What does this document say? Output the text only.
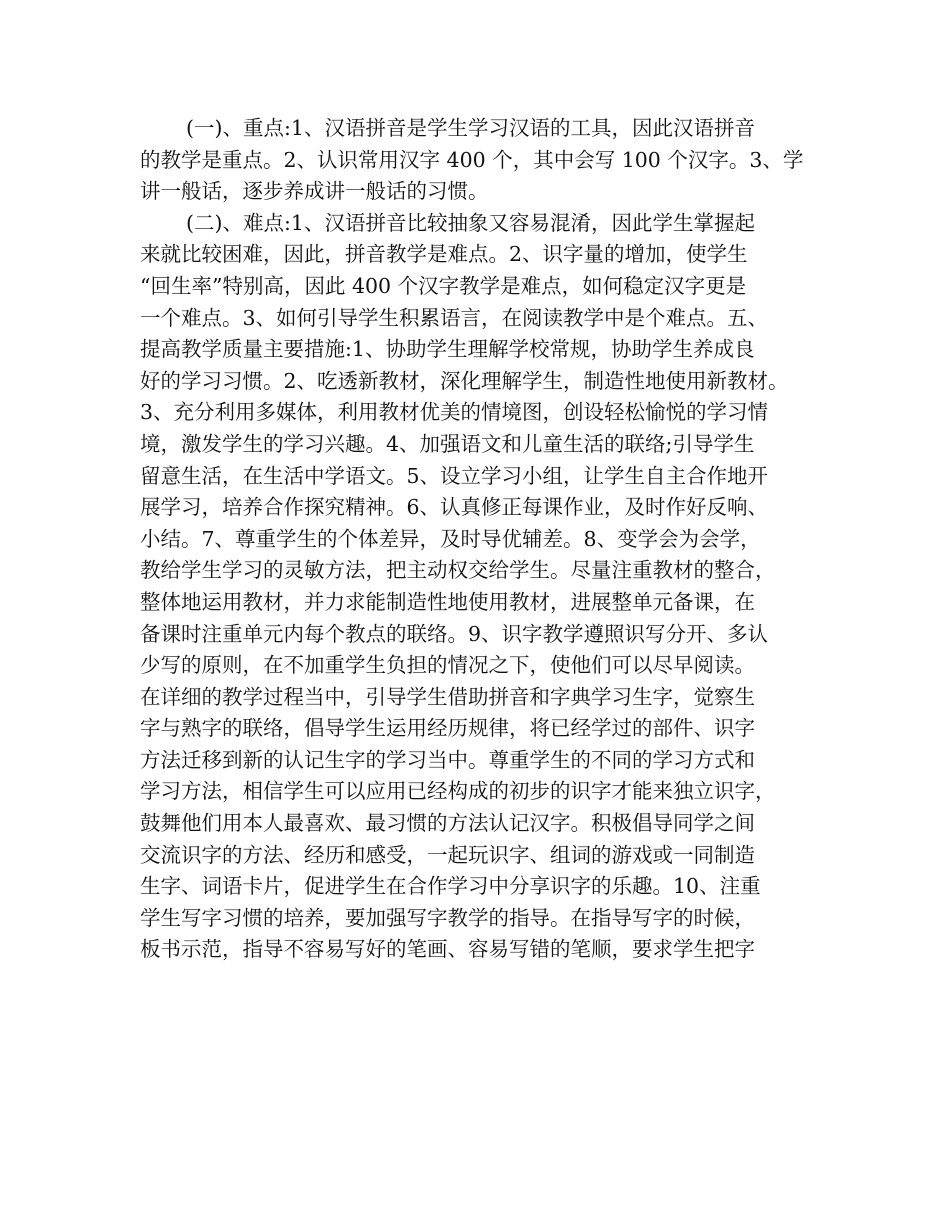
(一)、重点:1、汉语拼音是学生学习汉语的工具，因此汉语拼音
的教学是重点。2、认识常用汉字 400 个，其中会写 100 个汉字。3、学
讲一般话，逐步养成讲一般话的习惯。
(二)、难点:1、汉语拼音比较抽象又容易混淆，因此学生掌握起
来就比较困难，因此，拼音教学是难点。2、识字量的增加，使学生
“回生率”特别高，因此 400 个汉字教学是难点，如何稳定汉字更是
一个难点。3、如何引导学生积累语言，在阅读教学中是个难点。五、
提高教学质量主要措施:1、协助学生理解学校常规，协助学生养成良
好的学习习惯。2、吃透新教材，深化理解学生，制造性地使用新教材。
3、充分利用多媒体，利用教材优美的情境图，创设轻松愉悦的学习情
境，激发学生的学习兴趣。4、加强语文和儿童生活的联络;引导学生
留意生活，在生活中学语文。5、设立学习小组，让学生自主合作地开
展学习，培养合作探究精神。6、认真修正每课作业，及时作好反响、
小结。7、尊重学生的个体差异，及时导优辅差。8、变学会为会学，
教给学生学习的灵敏方法，把主动权交给学生。尽量注重教材的整合，
整体地运用教材，并力求能制造性地使用教材，进展整单元备课，在
备课时注重单元内每个教点的联络。9、识字教学遵照识写分开、多认
少写的原则，在不加重学生负担的情况之下，使他们可以尽早阅读。
在详细的教学过程当中，引导学生借助拼音和字典学习生字，觉察生
字与熟字的联络，倡导学生运用经历规律，将已经学过的部件、识字
方法迁移到新的认记生字的学习当中。尊重学生的不同的学习方式和
学习方法，相信学生可以应用已经构成的初步的识字才能来独立识字，
鼓舞他们用本人最喜欢、最习惯的方法认记汉字。积极倡导同学之间
交流识字的方法、经历和感受，一起玩识字、组词的游戏或一同制造
生字、词语卡片，促进学生在合作学习中分享识字的乐趣。10、注重
学生写字习惯的培养，要加强写字教学的指导。在指导写字的时候，
板书示范，指导不容易写好的笔画、容易写错的笔顺，要求学生把字
